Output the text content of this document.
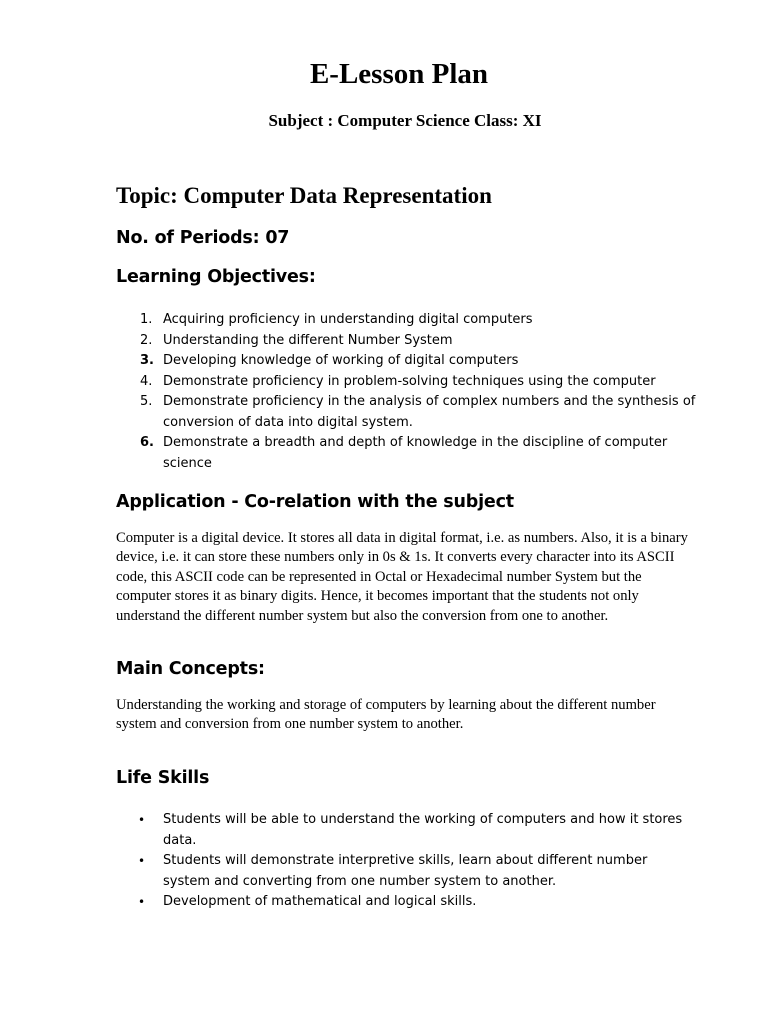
E-Lesson Plan
Subject : Computer Science Class: XI
Topic: Computer Data Representation
No. of Periods: 07
Learning Objectives:
1. Acquiring proficiency in understanding digital computers
2. Understanding the different Number System
3. Developing knowledge of working of digital computers
4. Demonstrate proficiency in problem-solving techniques using the computer
5. Demonstrate proficiency in the analysis of complex numbers and the synthesis of conversion of data into digital system.
6. Demonstrate a breadth and depth of knowledge in the discipline of computer science
Application - Co-relation with the subject
Computer is a digital device. It stores all data in digital format, i.e. as numbers. Also, it is a binary device, i.e. it can store these numbers only in 0s & 1s. It converts every character into its ASCII code, this ASCII code can be represented in Octal or Hexadecimal number System but the computer stores it as binary digits. Hence, it becomes important that the students not only understand the different number system but also the conversion from one to another.
Main Concepts:
Understanding the working and storage of computers by learning about the different number system and conversion from one number system to another.
Life Skills
• Students will be able to understand the working of computers and how it stores data.
• Students will demonstrate interpretive skills, learn about different number system and converting from one number system to another.
• Development of mathematical and logical skills.
